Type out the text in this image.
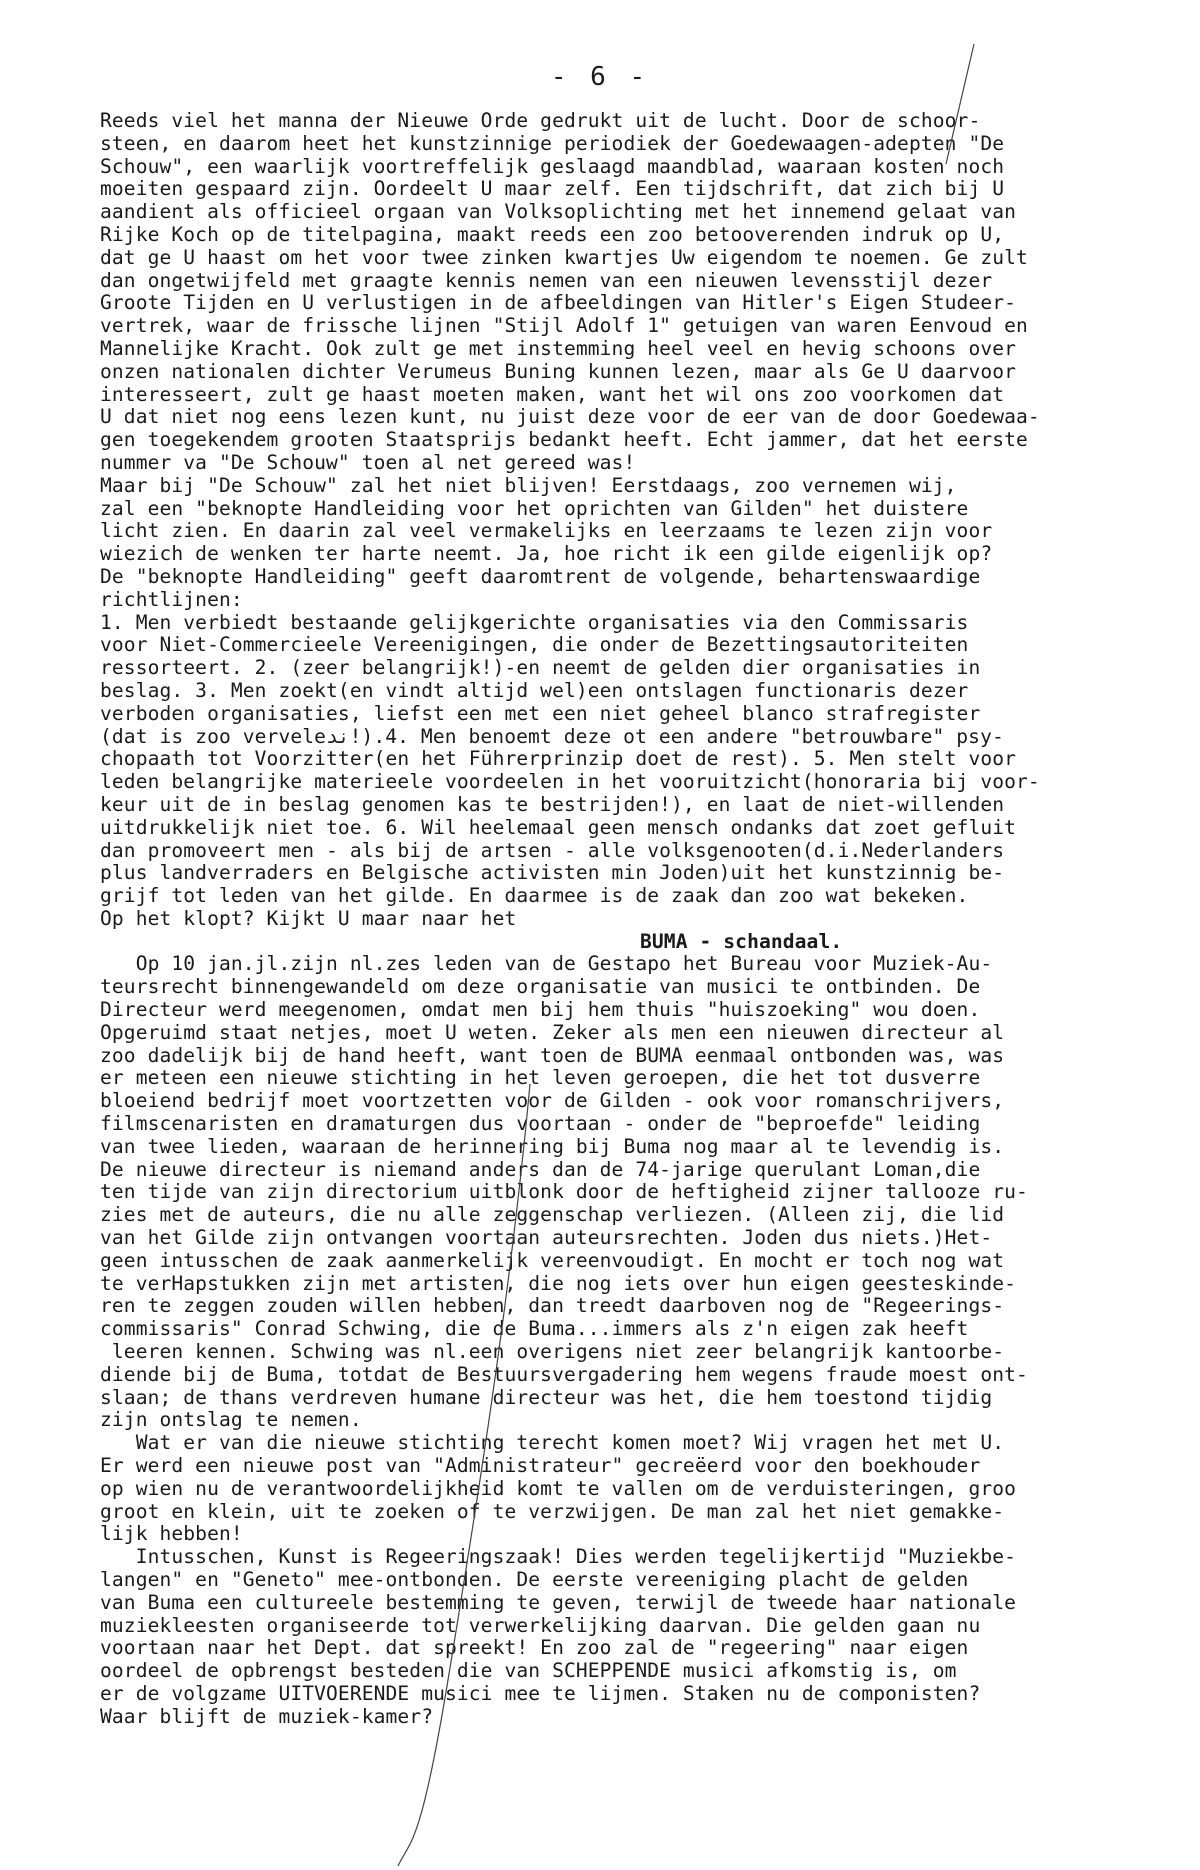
- 6 -
Reeds viel het manna der Nieuwe Orde gedrukt uit de lucht. Door de schoor-
steen, en daarom heet het kunstzinnige periodiek der Goedewaagen-adepten "De
Schouw", een waarlijk voortreffelijk geslaagd maandblad, waaraan kosten noch
moeiten gespaard zijn. Oordeelt U maar zelf. Een tijdschrift, dat zich bij U
aandient als officieel orgaan van Volksoplichting met het innemend gelaat van
Rijke Koch op de titelpagina, maakt reeds een zoo betooverenden indruk op U,
dat ge U haast om het voor twee zinken kwartjes Uw eigendom te noemen. Ge zult
dan ongetwijfeld met graagte kennis nemen van een nieuwen levensstijl dezer
Groote Tijden en U verlustigen in de afbeeldingen van Hitler's Eigen Studeer-
vertrek, waar de frissche lijnen "Stijl Adolf 1" getuigen van waren Eenvoud en
Mannelijke Kracht. Ook zult ge met instemming heel veel en hevig schoons over
onzen nationalen dichter Verumeus Buning kunnen lezen, maar als Ge U daarvoor
interesseert, zult ge haast moeten maken, want het wil ons zoo voorkomen dat
U dat niet nog eens lezen kunt, nu juist deze voor de eer van de door Goedewaa-
gen toegekendem grooten Staatsprijs bedankt heeft. Echt jammer, dat het eerste
nummer va "De Schouw" toen al net gereed was!
Maar bij "De Schouw" zal het niet blijven! Eerstdaags, zoo vernemen wij,
zal een "beknopte Handleiding voor het oprichten van Gilden" het duistere
licht zien. En daarin zal veel vermakelijks en leerzaams te lezen zijn voor
wiezich de wenken ter harte neemt. Ja, hoe richt ik een gilde eigenlijk op?
De "beknopte Handleiding" geeft daaromtrent de volgende, behartenswaardige
richtlijnen:
1. Men verbiedt bestaande gelijkgerichte organisaties via den Commissaris
voor Niet-Commercieele Vereenigingen, die onder de Bezettingsautoriteiten
ressorteert. 2. (zeer belangrijk!)-en neemt de gelden dier organisaties in
beslag. 3. Men zoekt(en vindt altijd wel)een ontslagen functionaris dezer
verboden organisaties, liefst een met een niet geheel blanco strafregister
(dat is zoo verveleند!).4. Men benoemt deze ot een andere "betrouwbare" psy-
chopaath tot Voorzitter(en het Führerprinzip doet de rest). 5. Men stelt voor
leden belangrijke materieele voordeelen in het vooruitzicht(honoraria bij voor-
keur uit de in beslag genomen kas te bestrijden!), en laat de niet-willenden
uitdrukkelijk niet toe. 6. Wil heelemaal geen mensch ondanks dat zoet gefluit
dan promoveert men - als bij de artsen - alle volksgenooten(d.i.Nederlanders
plus landverraders en Belgische activisten min Joden)uit het kunstzinnig be-
grijf tot leden van het gilde. En daarmee is de zaak dan zoo wat bekeken.
Op het klopt? Kijkt U maar naar het
BUMA - schandaal.
Op 10 jan.jl.zijn nl.zes leden van de Gestapo het Bureau voor Muziek-Au-
teursrecht binnengewandeld om deze organisatie van musici te ontbinden. De
Directeur werd meegenomen, omdat men bij hem thuis "huiszoeking" wou doen.
Opgeruimd staat netjes, moet U weten. Zeker als men een nieuwen directeur al
zoo dadelijk bij de hand heeft, want toen de BUMA eenmaal ontbonden was, was
er meteen een nieuwe stichting in het leven geroepen, die het tot dusverre
bloeiend bedrijf moet voortzetten voor de Gilden - ook voor romanschrijvers,
filmscenaristen en dramaturgen dus voortaan - onder de "beproefde" leiding
van twee lieden, waaraan de herinnering bij Buma nog maar al te levendig is.
De nieuwe directeur is niemand anders dan de 74-jarige querulant Loman,die
ten tijde van zijn directorium uitblonk door de heftigheid zijner tallooze ru-
zies met de auteurs, die nu alle zeggenschap verliezen. (Alleen zij, die lid
van het Gilde zijn ontvangen voortaan auteursrechten. Joden dus niets.)Het-
geen intusschen de zaak aanmerkelijk vereenvoudigt. En mocht er toch nog wat
te verHapstukken zijn met artisten, die nog iets over hun eigen geesteskinde-
ren te zeggen zouden willen hebben, dan treedt daarboven nog de "Regeerings-
commissaris" Conrad Schwing, die de Buma...immers als z'n eigen zak heeft
leeren kennen. Schwing was nl.een overigens niet zeer belangrijk kantoorbe-
diende bij de Buma, totdat de Bestuursvergadering hem wegens fraude moest ont-
slaan; de thans verdreven humane directeur was het, die hem toestond tijdig
zijn ontslag te nemen.
Wat er van die nieuwe stichting terecht komen moet? Wij vragen het met U.
Er werd een nieuwe post van "Administrateur" gecreëerd voor den boekhouder
op wien nu de verantwoordelijkheid komt te vallen om de verduisteringen, groo
groot en klein, uit te zoeken of te verzwijgen. De man zal het niet gemakke-
lijk hebben!
Intusschen, Kunst is Regeeringszaak! Dies werden tegelijkertijd "Muziekbe-
langen" en "Geneto" mee-ontbonden. De eerste vereeniging placht de gelden
van Buma een cultureele bestemming te geven, terwijl de tweede haar nationale
muziekleesten organiseerde tot verwerkelijking daarvan. Die gelden gaan nu
voortaan naar het Dept. dat spreekt! En zoo zal de "regeering" naar eigen
oordeel de opbrengst besteden die van SCHEPPENDE musici afkomstig is, om
er de volgzame UITVOERENDE musici mee te lijmen. Staken nu de componisten?
Waar blijft de muziek-kamer?
